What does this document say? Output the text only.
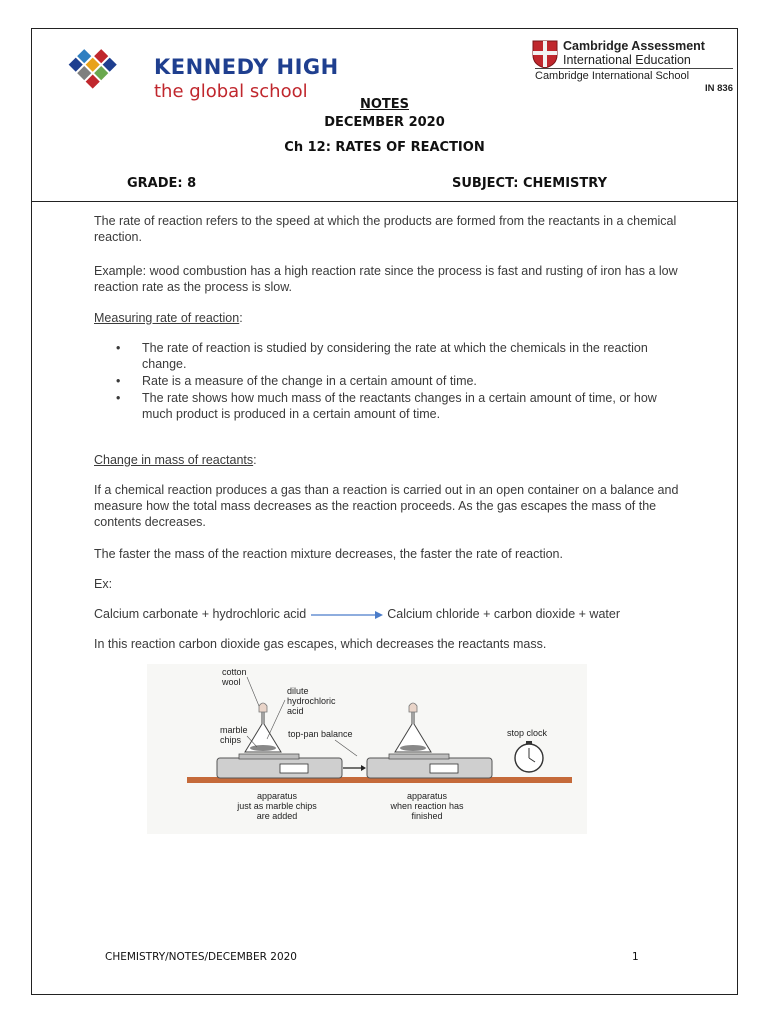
KENNEDY HIGH
the global school
Cambridge Assessment
International Education
Cambridge International School
IN 836
NOTES
DECEMBER 2020
Ch 12: RATES OF REACTION
GRADE: 8	SUBJECT: CHEMISTRY
The rate of reaction refers to the speed at which the products are formed from the reactants in a chemical reaction.
Example: wood combustion has a high reaction rate since the process is fast and rusting of iron has a low reaction rate as the process is slow.
Measuring rate of reaction:
• The rate of reaction is studied by considering the rate at which the chemicals in the reaction change.
• Rate is a measure of the change in a certain amount of time.
• The rate shows how much mass of the reactants changes in a certain amount of time, or how much product is produced in a certain amount of time.
Change in mass of reactants:
If a chemical reaction produces a gas than a reaction is carried out in an open container on a balance and measure how the total mass decreases as the reaction proceeds. As the gas escapes the mass of the contents decreases.
The faster the mass of the reaction mixture decreases, the faster the rate of reaction.
Ex:
Calcium carbonate + hydrochloric acid	Calcium chloride + carbon dioxide + water
In this reaction carbon dioxide gas escapes, which decreases the reactants mass.
cotton
wool
dilute
hydrochloric
acid
marble
chips
top-pan balance	stop clock
apparatus
just as marble chips
are added
apparatus
when reaction has
finished
CHEMISTRY/NOTES/DECEMBER 2020	1
